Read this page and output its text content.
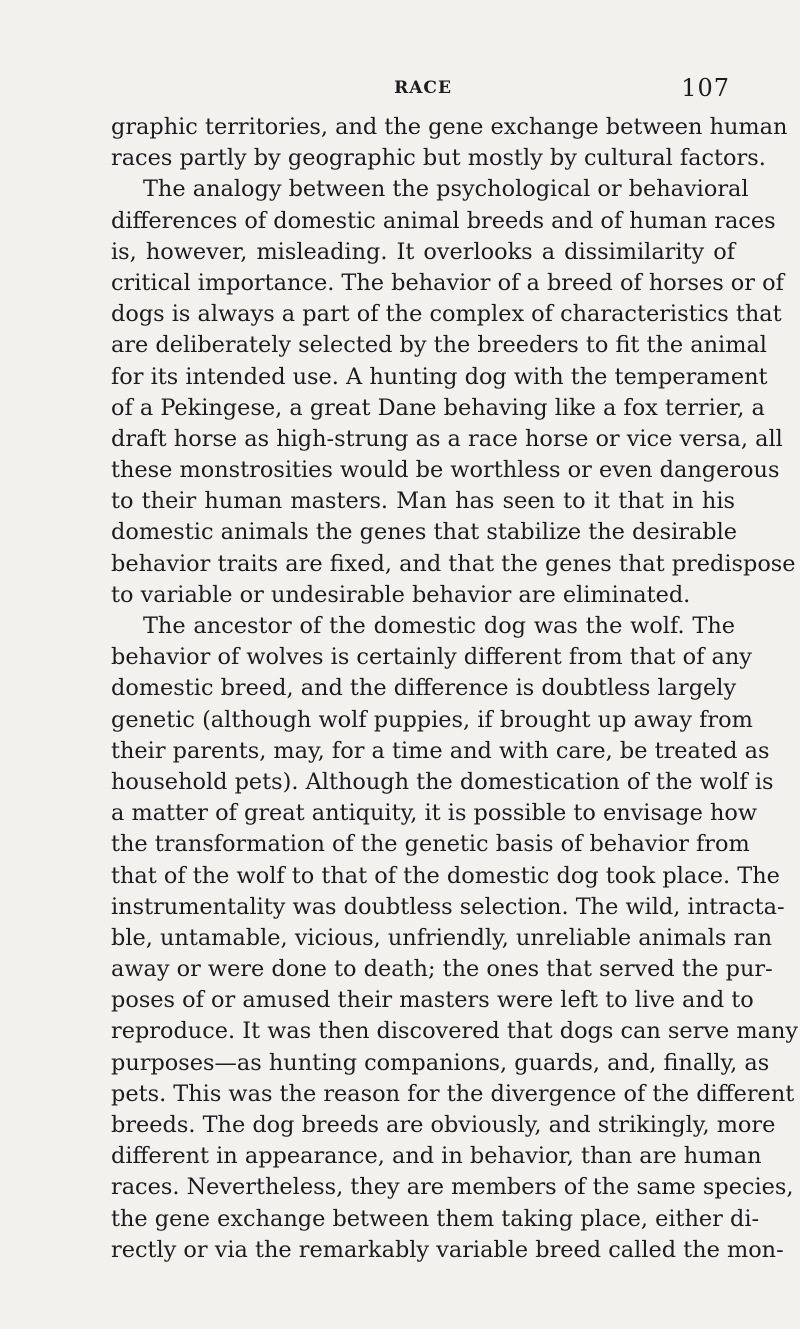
RACE	107
graphic territories, and the gene exchange between human
races partly by geographic but mostly by cultural factors.
The analogy between the psychological or behavioral
differences of domestic animal breeds and of human races
is, however, misleading. It overlooks a dissimilarity of
critical importance. The behavior of a breed of horses or of
dogs is always a part of the complex of characteristics that
are deliberately selected by the breeders to fit the animal
for its intended use. A hunting dog with the temperament
of a Pekingese, a great Dane behaving like a fox terrier, a
draft horse as high-strung as a race horse or vice versa, all
these monstrosities would be worthless or even dangerous
to their human masters. Man has seen to it that in his
domestic animals the genes that stabilize the desirable
behavior traits are fixed, and that the genes that predispose
to variable or undesirable behavior are eliminated.
The ancestor of the domestic dog was the wolf. The
behavior of wolves is certainly different from that of any
domestic breed, and the difference is doubtless largely
genetic (although wolf puppies, if brought up away from
their parents, may, for a time and with care, be treated as
household pets). Although the domestication of the wolf is
a matter of great antiquity, it is possible to envisage how
the transformation of the genetic basis of behavior from
that of the wolf to that of the domestic dog took place. The
instrumentality was doubtless selection. The wild, intracta-
ble, untamable, vicious, unfriendly, unreliable animals ran
away or were done to death; the ones that served the pur-
poses of or amused their masters were left to live and to
reproduce. It was then discovered that dogs can serve many
purposes—as hunting companions, guards, and, finally, as
pets. This was the reason for the divergence of the different
breeds. The dog breeds are obviously, and strikingly, more
different in appearance, and in behavior, than are human
races. Nevertheless, they are members of the same species,
the gene exchange between them taking place, either di-
rectly or via the remarkably variable breed called the mon-
